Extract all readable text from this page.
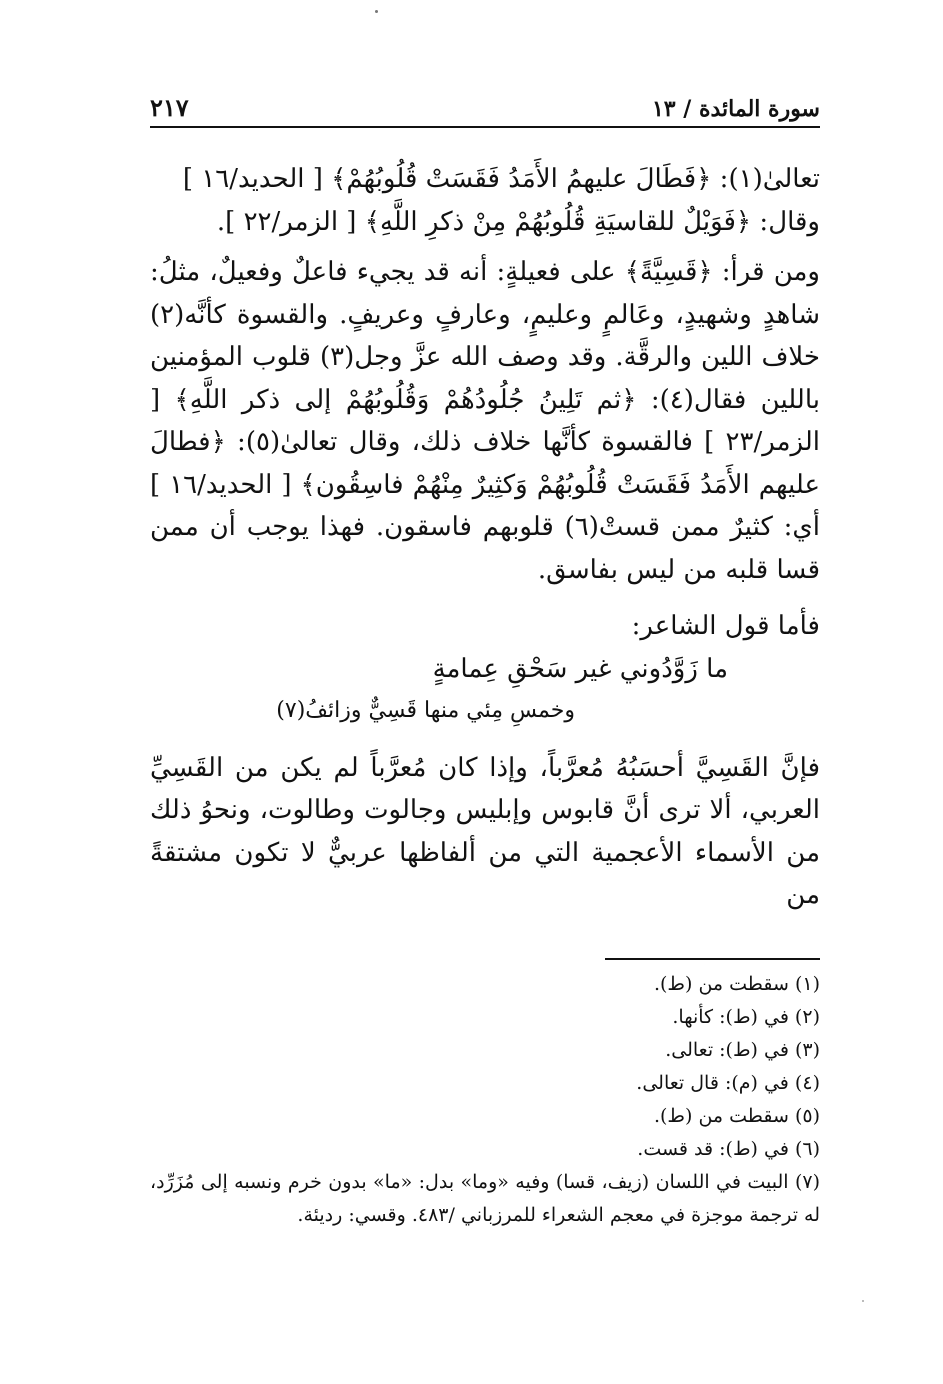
سورة المائدة / ١٣
٢١٧

تعالىٰ(١): ﴿فَطَالَ عليهمُ الأَمَدُ فَقَسَتْ قُلُوبُهُمْ﴾ [ الحديد/١٦ ]

وقال: ﴿فَوَيْلٌ للقاسيَةِ قُلُوبُهُمْ مِنْ ذكرِ اللَّهِ﴾ [ الزمر/٢٢ ].

ومن قرأ: ﴿قَسِيَّةً﴾ على فعيلةٍ: أنه قد يجيء فاعلٌ وفعيلٌ، مثلُ: شاهدٍ وشهيدٍ، وعَالمٍ وعليمٍ، وعارفٍ وعريفٍ. والقسوة كأنَّه(٢) خلاف اللين والرقَّة. وقد وصف الله عزَّ وجل(٣) قلوب المؤمنين باللين فقال(٤): ﴿ثم تَلِينُ جُلُودُهُمْ وَقُلُوبُهُمْ إلى ذكر اللَّهِ﴾ [ الزمر/٢٣ ] فالقسوة كأنَّها خلاف ذلك، وقال تعالىٰ(٥): ﴿فطالَ عليهم الأَمَدُ فَقَسَتْ قُلُوبُهُمْ وَكثِيرٌ مِنْهُمْ فاسِقُون﴾ [ الحديد/١٦ ] أي: كثيرٌ ممن قستْ(٦) قلوبهم فاسقون. فهذا يوجب أن ممن قسا قلبه من ليس بفاسق.

فأما قول الشاعر:

ما زَوَّدُوني غير سَحْقِ عِمامةٍ

وخمسِ مِئي منها قَسِيٌّ وزائفُ(٧)

فإنَّ القَسِيَّ أحسَبُهُ مُعرَّباً، وإذا كان مُعرَّباً لم يكن من القَسِيِّ العربي، ألا ترى أنَّ قابوس وإبليس وجالوت وطالوت، ونحوُ ذلك من الأسماء الأعجمية التي من ألفاظها عربيٌّ لا تكون مشتقةً من

(١) سقطت من (ط).
(٢) في (ط): كأنها.
(٣) في (ط): تعالى.
(٤) في (م): قال تعالى.
(٥) سقطت من (ط).
(٦) في (ط): قد قست.
(٧) البيت في اللسان (زيف، قسا) وفيه «وما» بدل: «ما» بدون خرم ونسبه إلى مُزَرِّد، له ترجمة موجزة في معجم الشعراء للمرزباني /٤٨٣. وقسي: رديئة.
